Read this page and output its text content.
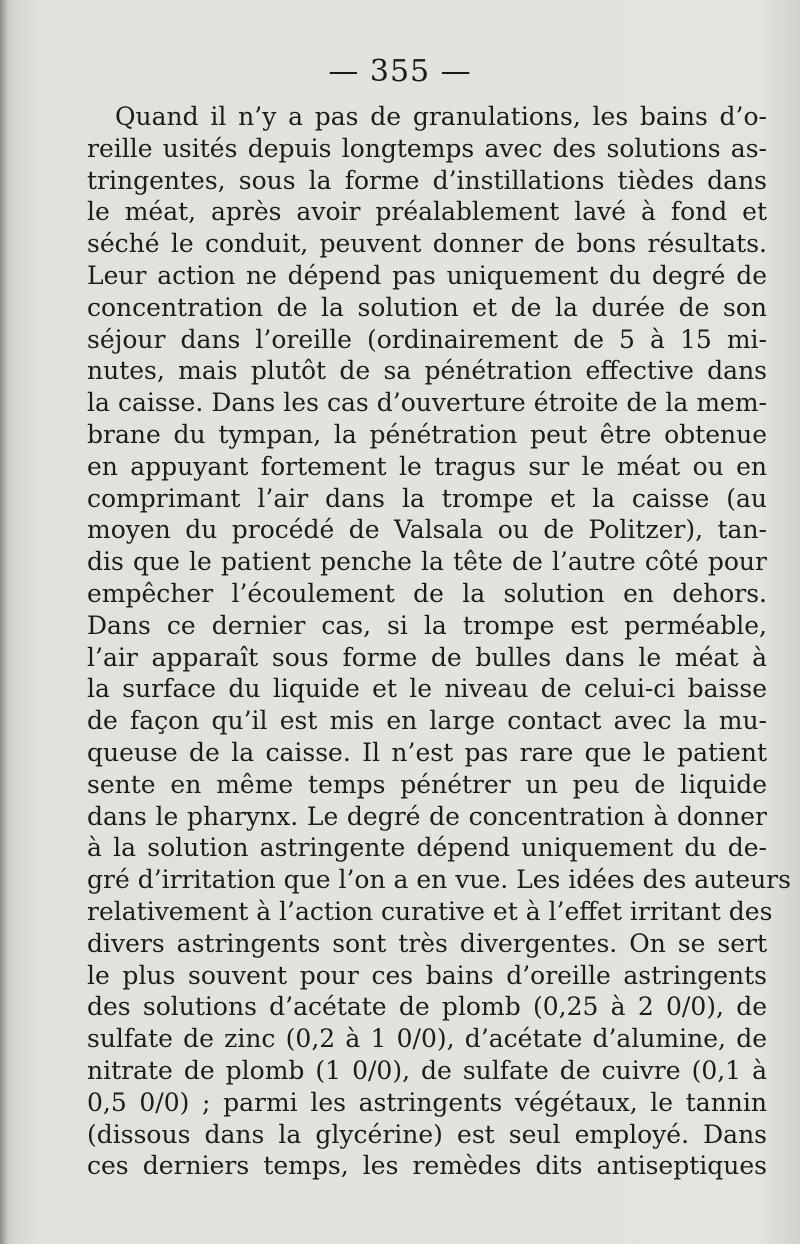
— 355 —
Quand il n’y a pas de granulations, les bains d’o-
reille usités depuis longtemps avec des solutions as-
tringentes, sous la forme d’instillations tièdes dans
le méat, après avoir préalablement lavé à fond et
séché le conduit, peuvent donner de bons résultats.
Leur action ne dépend pas uniquement du degré de
concentration de la solution et de la durée de son
séjour dans l’oreille (ordinairement de 5 à 15 mi-
nutes, mais plutôt de sa pénétration effective dans
la caisse. Dans les cas d’ouverture étroite de la mem-
brane du tympan, la pénétration peut être obtenue
en appuyant fortement le tragus sur le méat ou en
comprimant l’air dans la trompe et la caisse (au
moyen du procédé de Valsala ou de Politzer), tan-
dis que le patient penche la tête de l’autre côté pour
empêcher l’écoulement de la solution en dehors.
Dans ce dernier cas, si la trompe est perméable,
l’air apparaît sous forme de bulles dans le méat à
la surface du liquide et le niveau de celui-ci baisse
de façon qu’il est mis en large contact avec la mu-
queuse de la caisse. Il n’est pas rare que le patient
sente en même temps pénétrer un peu de liquide
dans le pharynx. Le degré de concentration à donner
à la solution astringente dépend uniquement du de-
gré d’irritation que l’on a en vue. Les idées des auteurs
relativement à l’action curative et à l’effet irritant des
divers astringents sont très divergentes. On se sert
le plus souvent pour ces bains d’oreille astringents
des solutions d’acétate de plomb (0,25 à 2 0/0), de
sulfate de zinc (0,2 à 1 0/0), d’acétate d’alumine, de
nitrate de plomb (1 0/0), de sulfate de cuivre (0,1 à
0,5 0/0) ; parmi les astringents végétaux, le tannin
(dissous dans la glycérine) est seul employé. Dans
ces derniers temps, les remèdes dits antiseptiques
